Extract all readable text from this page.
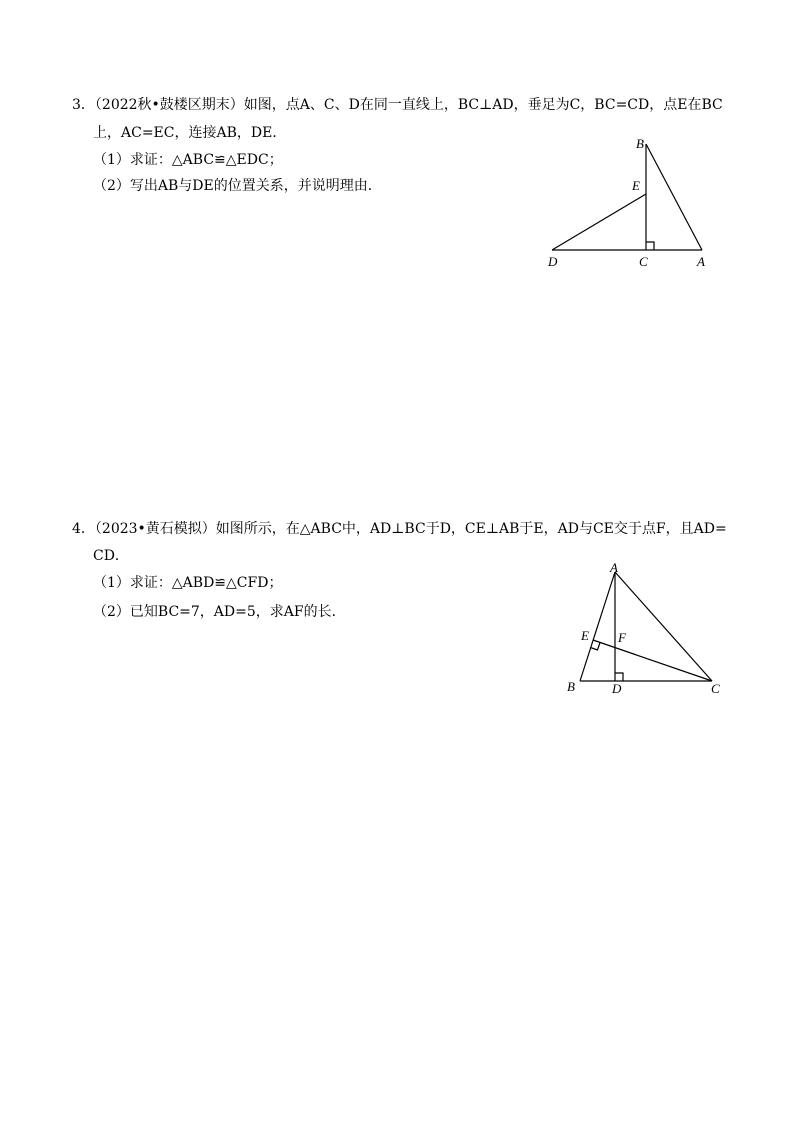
3．（2022秋•鼓楼区期末）如图，点A、C、D在同一直线上，BC⊥AD，垂足为C，BC=CD，点E在BC
上，AC=EC，连接AB，DE．
（1）求证：△ABC≌△EDC；
（2）写出AB与DE的位置关系，并说明理由．
B
E
D	C	A
4．（2023•黄石模拟）如图所示，在△ABC中，AD⊥BC于D，CE⊥AB于E，AD与CE交于点F，且AD=
CD．
（1）求证：△ABD≌△CFD；
（2）已知BC=7，AD=5，求AF的长．
A
E F
B	D	C
